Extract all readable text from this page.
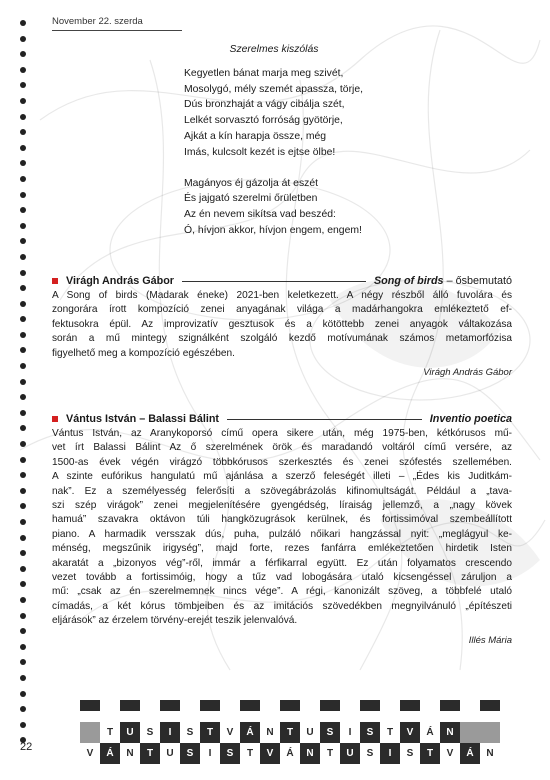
November 22. szerda
Szerelmes kiszólás
Kegyetlen bánat marja meg szivét,
Mosolygó, mély szemét apassza, törje,
Dús bronzhaját a vágy cibálja szét,
Lelkét sorvasztó forróság gyötörje,
Ajkát a kín harapja össze, még
Imás, kulcsolt kezét is ejtse ölbe!
Magányos éj gázolja át eszét
És jajgató szerelmi őrületben
Az én nevem sikítsa vad beszéd:
Ó, hívjon akkor, hívjon engem, engem!
Virágh András Gábor	Song of birds – ősbemutató
A Song of birds (Madarak éneke) 2021-ben keletkezett. A négy részből álló fuvolára és
zongorára írott kompozíció zenei anyagának világa a madárhangokra emlékeztető ef-
fektusokra épül. Az improvizatív gesztusok és a kötöttebb zenei anyagok váltakozása
során a mű mintegy szignálként szolgáló kezdő motívumának számos metamorfózisa
figyelhető meg a kompozíció egészében.
Virágh András Gábor
Vántus István – Balassi Bálint	Inventio poetica
Vántus István, az Aranykoporsó című opera sikere után, még 1975-ben, kétkórusos mű-
vet írt Balassi Bálint Az ő szerelmének örök és maradandó voltáról című versére, az
1500-as évek végén virágzó többkórusos szerkesztés és zenei szófestés szellemében.
A szinte eufórikus hangulatú mű ajánlása a szerző feleségét illeti – „Édes kis Juditkám-
nak”. Ez a személyesség felerősíti a szövegábrázolás kifinomultságát. Például a „tava-
szi szép virágok” zenei megjelenítésére gyengédség, líraiság jellemző, a „nagy kövek
hamuá” szavakra oktávon túli hangközugrások kerülnek, és fortissimóval szembeállított
piano. A harmadik versszak dús, puha, pulzáló nőikari hangzással nyit: „meglágyul ke-
ménség, megszűnik irigység”, majd forte, rezes fanfárra emlékeztetően hirdetik Isten
akaratát a „bizonyos vég”-ről, immár a férfikarral együtt. Ez után folyamatos crescendo
vezet tovább a fortissimóig, hogy a tűz vad lobogására utaló kicsengéssel záruljon a
mű: „csak az én szerelmemnek nincs vége”. A régi, kanonizált szöveg, a többfelé utaló
címadás, a két kórus tömbjeiben és az imitációs szövedékben megnyilvánuló „építészeti
eljárások” az érzelem törvény-erejét teszik jelenvalóvá.
Illés Mária
22
T	U	S	I	S	T	V	Á	N	T	U	S	I	S	T	V	Á	N
V	Á	N	T	U	S	I	S	T	V	Á	N	T	U	S	I	S	T	V	Á	N
